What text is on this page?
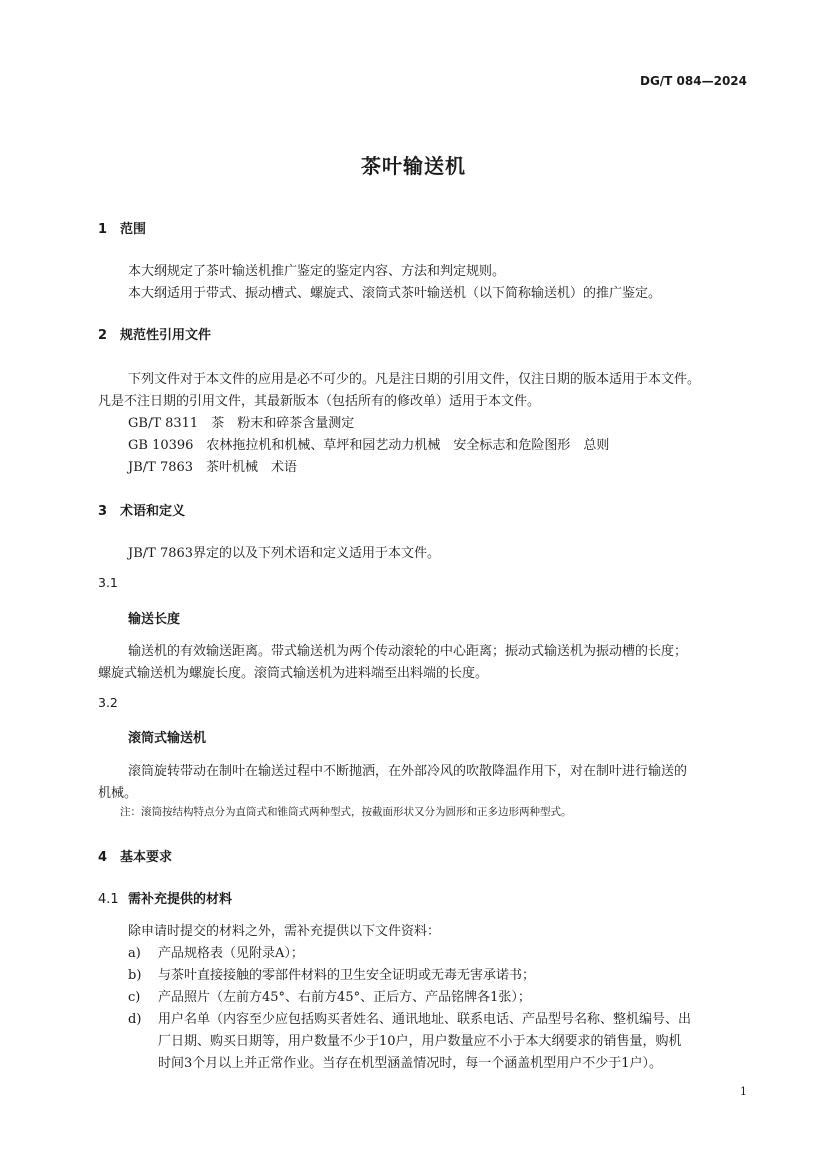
DG/T 084—2024
茶叶输送机
1 范围
本大纲规定了茶叶输送机推广鉴定的鉴定内容、方法和判定规则。
本大纲适用于带式、振动槽式、螺旋式、滚筒式茶叶输送机（以下简称输送机）的推广鉴定。
2 规范性引用文件
下列文件对于本文件的应用是必不可少的。凡是注日期的引用文件，仅注日期的版本适用于本文件。
凡是不注日期的引用文件，其最新版本（包括所有的修改单）适用于本文件。
GB/T 8311　茶　粉末和碎茶含量测定
GB 10396　农林拖拉机和机械、草坪和园艺动力机械　安全标志和危险图形　总则
JB/T 7863　茶叶机械　术语
3 术语和定义
JB/T 7863界定的以及下列术语和定义适用于本文件。
3.1
输送长度
输送机的有效输送距离。带式输送机为两个传动滚轮的中心距离；振动式输送机为振动槽的长度；
螺旋式输送机为螺旋长度。滚筒式输送机为进料端至出料端的长度。
3.2
滚筒式输送机
滚筒旋转带动在制叶在输送过程中不断抛洒，在外部冷风的吹散降温作用下，对在制叶进行输送的
机械。
注：滚筒按结构特点分为直筒式和锥筒式两种型式，按截面形状又分为圆形和正多边形两种型式。
4 基本要求
4.1 需补充提供的材料
除申请时提交的材料之外，需补充提供以下文件资料：
a) 产品规格表（见附录A）；
b) 与茶叶直接接触的零部件材料的卫生安全证明或无毒无害承诺书；
c) 产品照片（左前方45°、右前方45°、正后方、产品铭牌各1张）；
d) 用户名单（内容至少应包括购买者姓名、通讯地址、联系电话、产品型号名称、整机编号、出
厂日期、购买日期等，用户数量不少于10户，用户数量应不小于本大纲要求的销售量，购机
时间3个月以上并正常作业。当存在机型涵盖情况时，每一个涵盖机型用户不少于1户）。
1
